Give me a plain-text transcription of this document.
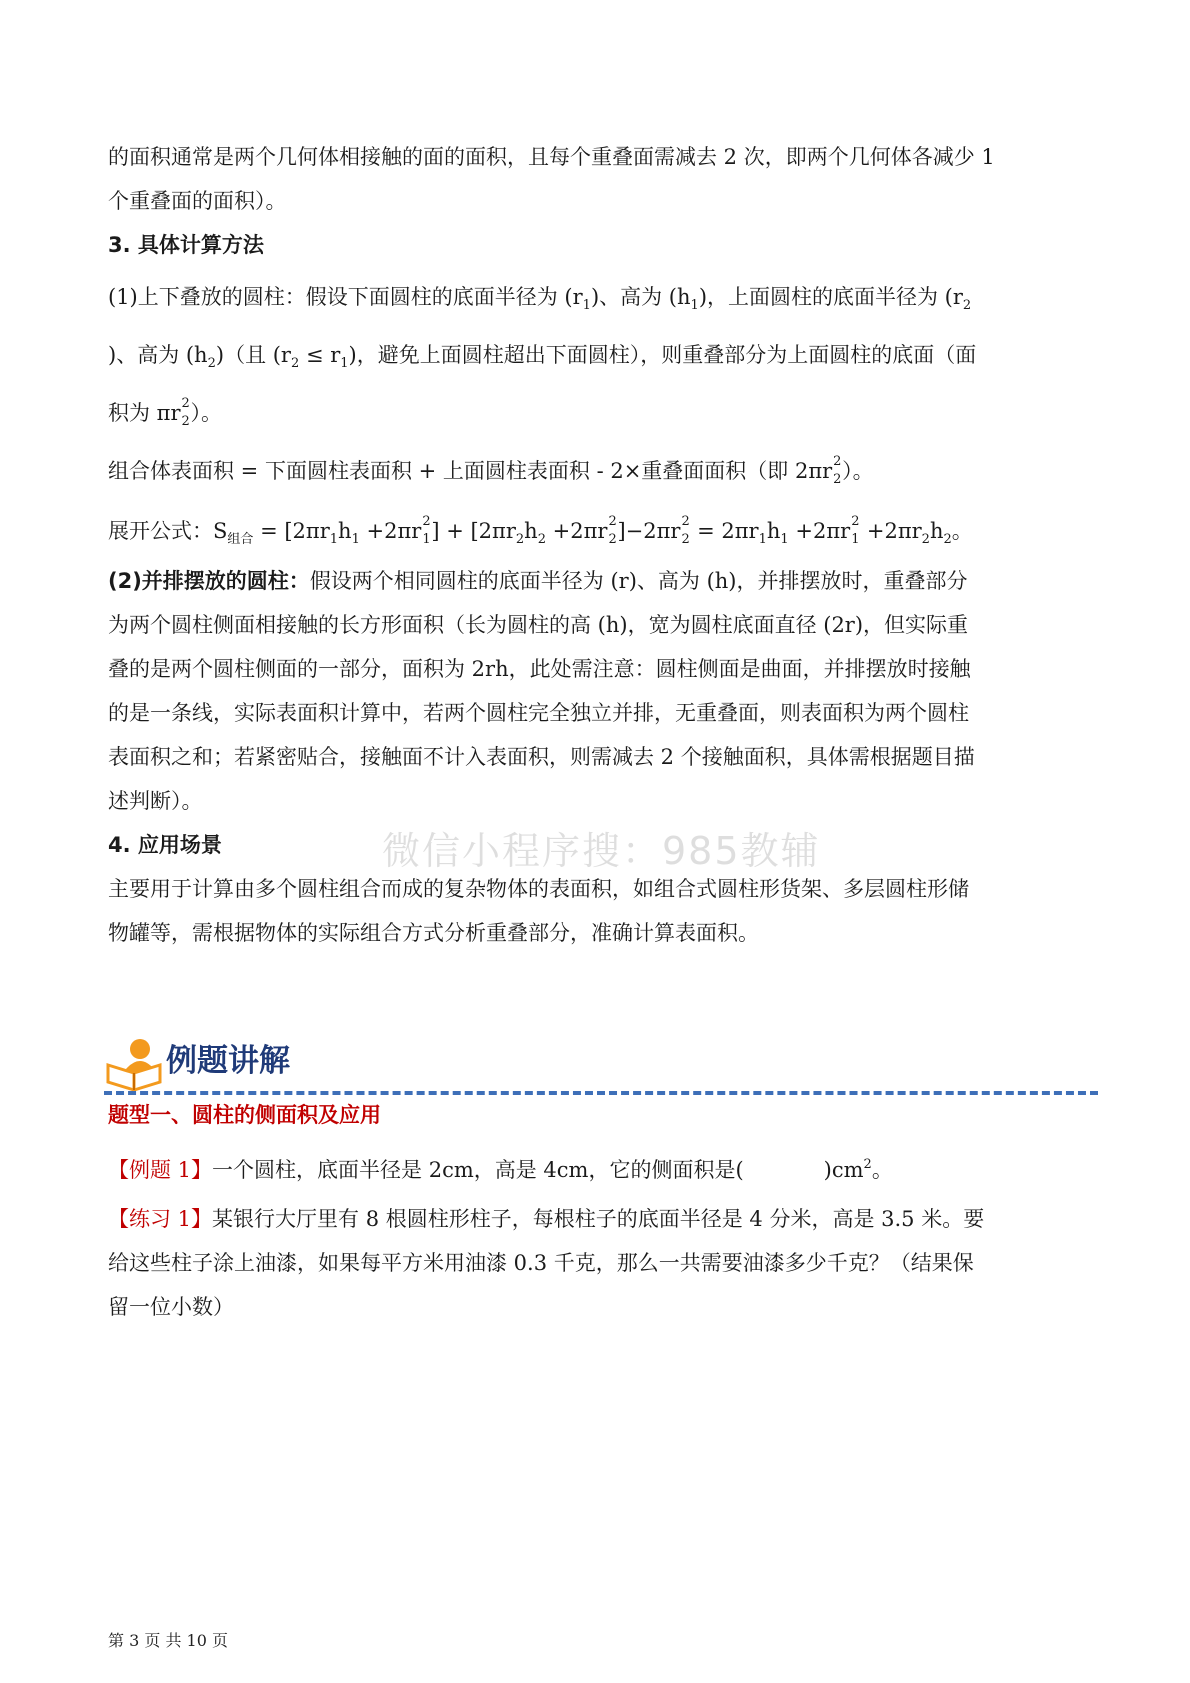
的面积通常是两个几何体相接触的面的面积，且每个重叠面需减去 2 次，即两个几何体各减少 1
个重叠面的面积）。
3. 具体计算方法
(1)上下叠放的圆柱：假设下面圆柱的底面半径为 $(r_1)$、高为 $(h_1)$，上面圆柱的底面半径为 ($r_2$
)、高为 $(h_2)$（且 $(r_2 \le r_1)$，避免上面圆柱超出下面圆柱），则重叠部分为上面圆柱的底面（面
积为 πr 2
2 ）。
组合体表面积 = 下面圆柱表面积 + 上面圆柱表面积 - 2×重叠面面积（即 2πr 2
2 ）。
展开公式：$S_{组合} = [2\pi r_1h_1 +2\pi r$ 2
1 ] + [$2\pi r_2h_2 +2\pi r$ 2
2 ]−2πr 2
$2 = 2\pi r_1h_1 +2\pi r$ 2
$1 +2\pi r_2h_2$。
(2)并排摆放的圆柱：假设两个相同圆柱的底面半径为 (r)、高为 (h)，并排摆放时，重叠部分
为两个圆柱侧面相接触的长方形面积（长为圆柱的高 (h)，宽为圆柱底面直径 (2r)，但实际重
叠的是两个圆柱侧面的一部分，面积为 2rh，此处需注意：圆柱侧面是曲面，并排摆放时接触
的是一条线，实际表面积计算中，若两个圆柱完全独立并排，无重叠面，则表面积为两个圆柱
表面积之和；若紧密贴合，接触面不计入表面积，则需减去 2 个接触面积，具体需根据题目描
述判断）。
微信小程序搜：985教辅
4. 应用场景
主要用于计算由多个圆柱组合而成的复杂物体的表面积，如组合式圆柱形货架、多层圆柱形储
物罐等，需根据物体的实际组合方式分析重叠部分，准确计算表面积。
例题讲解
题型一、圆柱的侧面积及应用
【例题 1】一个圆柱，底面半径是 2cm，高是 4cm，它的侧面积是(	)$cm^2$。
【练习 1】某银行大厅里有 8 根圆柱形柱子，每根柱子的底面半径是 4 分米，高是 3.5 米。要
给这些柱子涂上油漆，如果每平方米用油漆 0.3 千克，那么一共需要油漆多少千克？（结果保
留一位小数）
第 3 页 共 10 页
